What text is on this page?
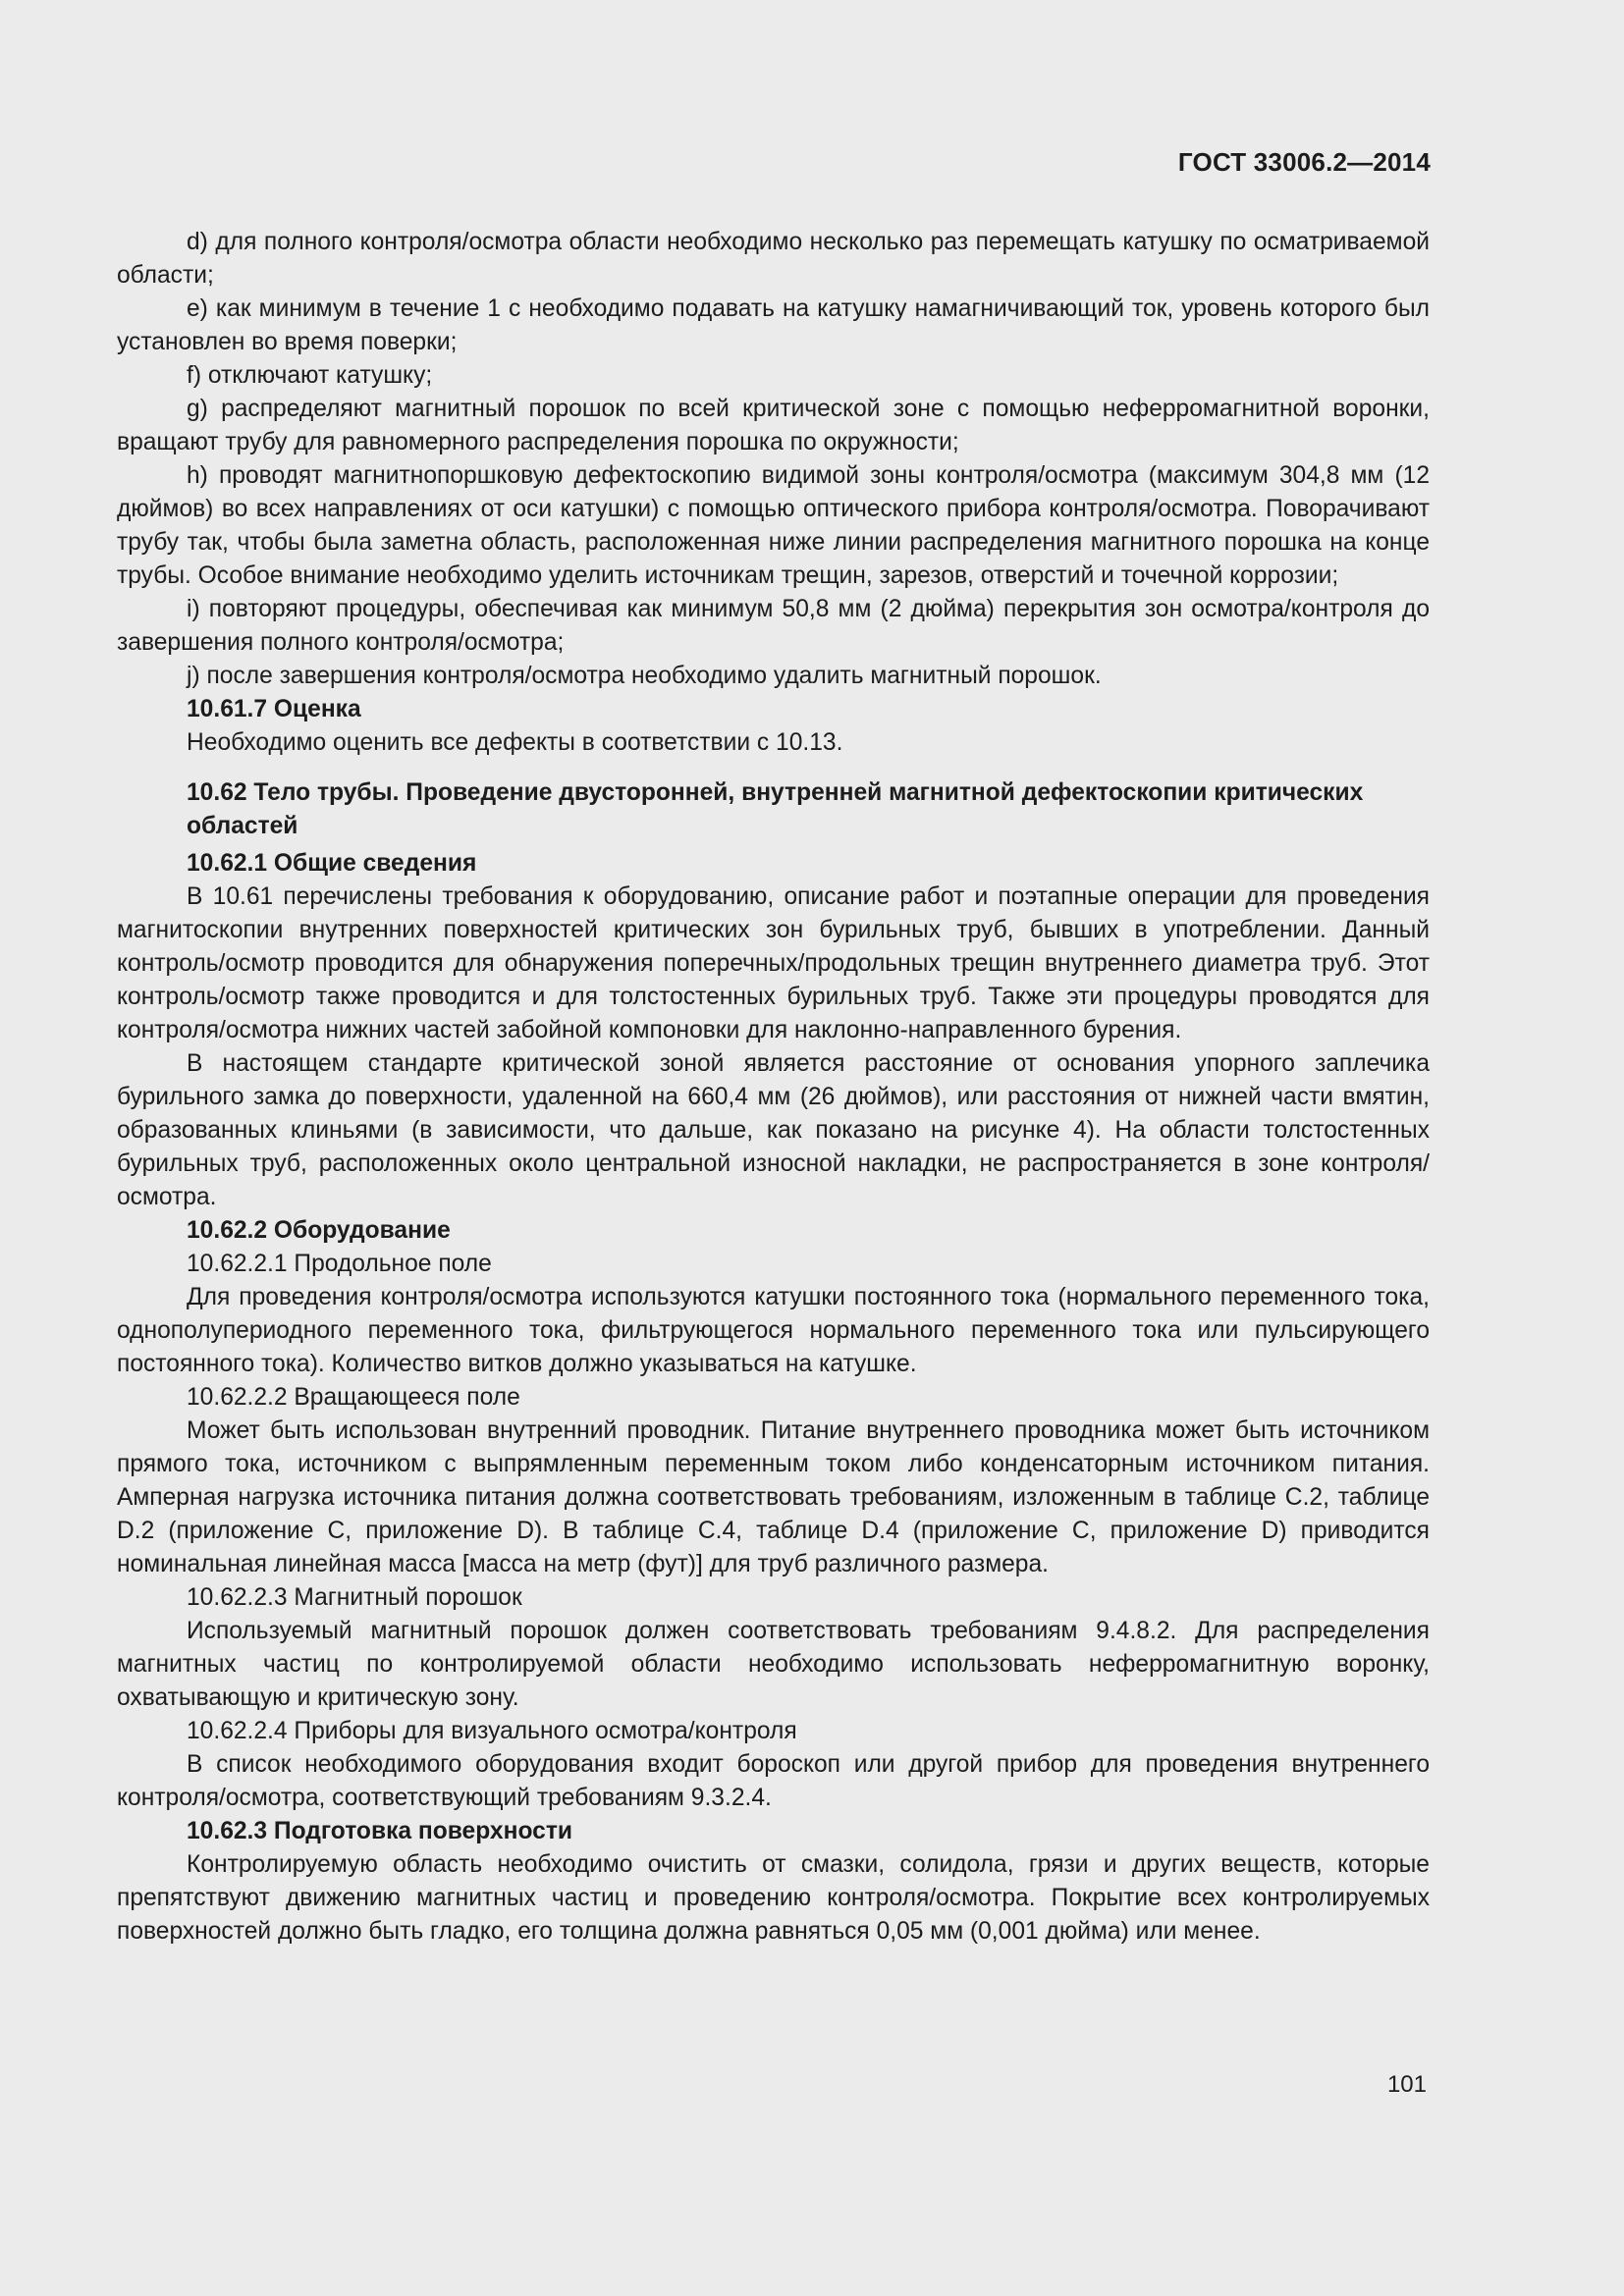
ГОСТ 33006.2—2014

d) для полного контроля/осмотра области необходимо несколько раз перемещать катушку по осматриваемой области;

e) как минимум в течение 1 с необходимо подавать на катушку намагничивающий ток, уровень которого был установлен во время поверки;

f) отключают катушку;

g) распределяют магнитный порошок по всей критической зоне с помощью неферромагнитной воронки, вращают трубу для равномерного распределения порошка по окружности;

h) проводят магнитнопоршковую дефектоскопию видимой зоны контроля/осмотра (максимум 304,8 мм (12 дюймов) во всех направлениях от оси катушки) с помощью оптического прибора контроля/осмотра. Поворачивают трубу так, чтобы была заметна область, расположенная ниже линии распределения магнитного порошка на конце трубы. Особое внимание необходимо уделить источникам трещин, зарезов, отверстий и точечной коррозии;

i) повторяют процедуры, обеспечивая как минимум 50,8 мм (2 дюйма) перекрытия зон осмотра/контроля до завершения полного контроля/осмотра;

j) после завершения контроля/осмотра необходимо удалить магнитный порошок.

10.61.7 Оценка

Необходимо оценить все дефекты в соответствии с 10.13.

10.62 Тело трубы. Проведение двусторонней, внутренней магнитной дефектоскопии критических областей

10.62.1 Общие сведения

В 10.61 перечислены требования к оборудованию, описание работ и поэтапные операции для проведения магнитоскопии внутренних поверхностей критических зон бурильных труб, бывших в употреблении. Данный контроль/осмотр проводится для обнаружения поперечных/продольных трещин внутреннего диаметра труб. Этот контроль/осмотр также проводится и для толстостенных бурильных труб. Также эти процедуры проводятся для контроля/осмотра нижних частей забойной компоновки для наклонно-направленного бурения.

В настоящем стандарте критической зоной является расстояние от основания упорного заплечика бурильного замка до поверхности, удаленной на 660,4 мм (26 дюймов), или расстояния от нижней части вмятин, образованных клиньями (в зависимости, что дальше, как показано на рисунке 4). На области толстостенных бурильных труб, расположенных около центральной износной накладки, не распространяется в зоне контроля/осмотра.

10.62.2 Оборудование

10.62.2.1 Продольное поле

Для проведения контроля/осмотра используются катушки постоянного тока (нормального переменного тока, однополупериодного переменного тока, фильтрующегося нормального переменного тока или пульсирующего постоянного тока). Количество витков должно указываться на катушке.

10.62.2.2 Вращающееся поле

Может быть использован внутренний проводник. Питание внутреннего проводника может быть источником прямого тока, источником с выпрямленным переменным током либо конденсаторным источником питания. Амперная нагрузка источника питания должна соответствовать требованиям, изложенным в таблице С.2, таблице D.2 (приложение С, приложение D). В таблице С.4, таблице D.4 (приложение С, приложение D) приводится номинальная линейная масса [масса на метр (фут)] для труб различного размера.

10.62.2.3 Магнитный порошок

Используемый магнитный порошок должен соответствовать требованиям 9.4.8.2. Для распределения магнитных частиц по контролируемой области необходимо использовать неферромагнитную воронку, охватывающую и критическую зону.

10.62.2.4 Приборы для визуального осмотра/контроля

В список необходимого оборудования входит бороскоп или другой прибор для проведения внутреннего контроля/осмотра, соответствующий требованиям 9.3.2.4.

10.62.3 Подготовка поверхности

Контролируемую область необходимо очистить от смазки, солидола, грязи и других веществ, которые препятствуют движению магнитных частиц и проведению контроля/осмотра. Покрытие всех контролируемых поверхностей должно быть гладко, его толщина должна равняться 0,05 мм (0,001 дюйма) или менее.

101
